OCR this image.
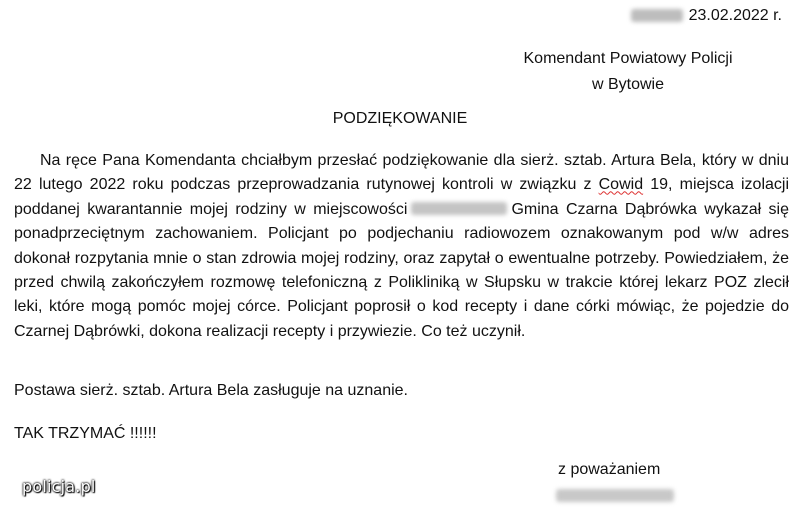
23.02.2022 r.
Komendant Powiatowy Policji
w Bytowie
PODZIĘKOWANIE

Na ręce Pana Komendanta chciałbym przesłać podziękowanie dla sierż. sztab. Artura Bela, który w dniu 22 lutego 2022 roku podczas przeprowadzania rutynowej kontroli w związku z Cowid 19, miejsca izolacji poddanej kwarantannie mojej rodziny w miejscowości	Gmina Czarna Dąbrówka wykazał się ponadprzeciętnym zachowaniem. Policjant po podjechaniu radiowozem oznakowanym pod w/w adres dokonał rozpytania mnie o stan zdrowia mojej rodziny, oraz zapytał o ewentualne potrzeby. Powiedziałem, że przed chwilą zakończyłem rozmowę telefoniczną z Polikliniką w Słupsku w trakcie której lekarz POZ zlecił leki, które mogą pomóc mojej córce. Policjant poprosił o kod recepty i dane córki mówiąc, że pojedzie do Czarnej Dąbrówki, dokona realizacji recepty i przywiezie. Co też uczynił.

Postawa sierż. sztab. Artura Bela zasługuje na uznanie.
TAK TRZYMAĆ !!!!!!
z poważaniem
policja.pl
